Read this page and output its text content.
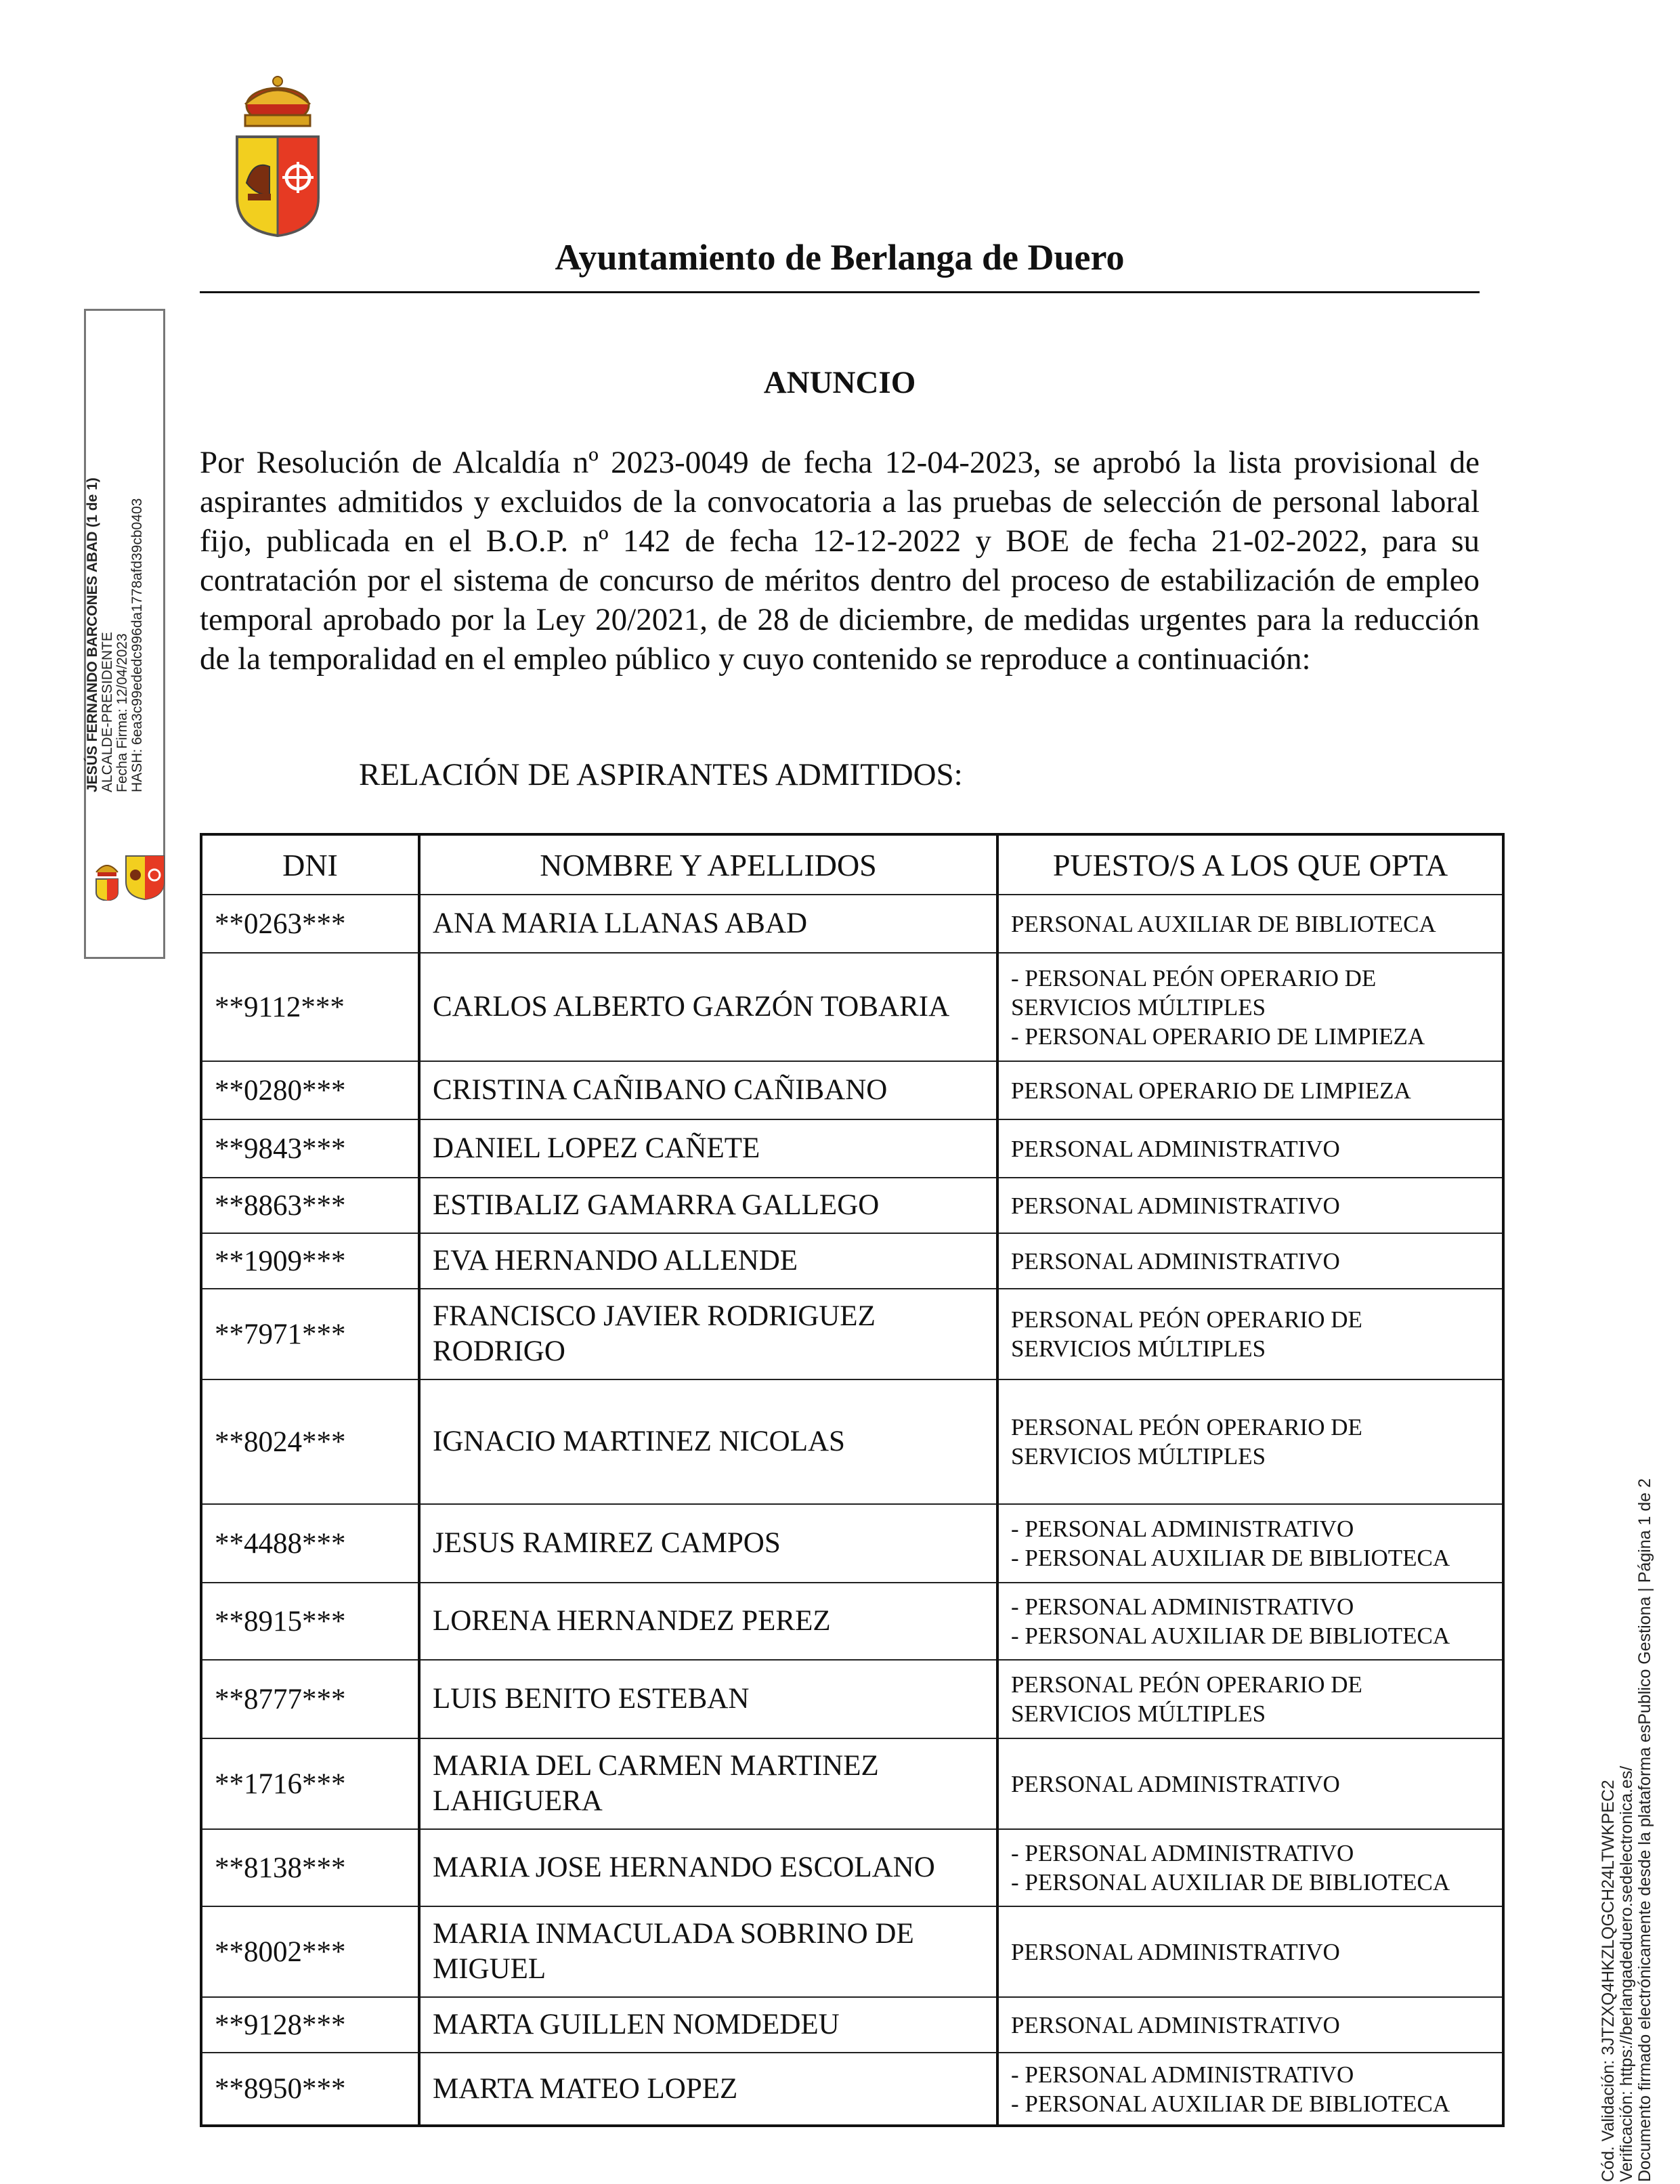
Ayuntamiento de Berlanga de Duero
JESÚS FERNANDO BARCONES ABAD (1 de 1) ALCALDE-PRESIDENTE Fecha Firma: 12/04/2023 HASH: 6ea3c99ededc996da1778afd39cb0403
ANUNCIO
Por Resolución de Alcaldía nº 2023-0049 de fecha 12-04-2023, se aprobó la lista provisional de aspirantes admitidos y excluidos de la convocatoria a las pruebas de selección de personal laboral fijo, publicada en el B.O.P. nº 142 de fecha 12-12-2022 y BOE de fecha 21-02-2022, para su contratación por el sistema de concurso de méritos dentro del proceso de estabilización de empleo temporal aprobado por la Ley 20/2021, de 28 de diciembre, de medidas urgentes para la reducción de la temporalidad en el empleo público y cuyo contenido se reproduce a continuación:
RELACIÓN DE ASPIRANTES ADMITIDOS:
DNI	NOMBRE Y APELLIDOS	PUESTO/S A LOS QUE OPTA
**0263***	ANA MARIA LLANAS ABAD	PERSONAL AUXILIAR DE BIBLIOTECA

**9112***	CARLOS ALBERTO GARZÓN TOBARIA	- PERSONAL PEÓN OPERARIO DE
SERVICIOS MÚLTIPLES
- PERSONAL OPERARIO DE LIMPIEZA

**0280***	CRISTINA CAÑIBANO CAÑIBANO	PERSONAL OPERARIO DE LIMPIEZA

**9843***	DANIEL LOPEZ CAÑETE	PERSONAL ADMINISTRATIVO

**8863***	ESTIBALIZ GAMARRA GALLEGO	PERSONAL ADMINISTRATIVO

**1909***	EVA HERNANDO ALLENDE	PERSONAL ADMINISTRATIVO

**7971***	FRANCISCO JAVIER RODRIGUEZ RODRIGO	PERSONAL PEÓN OPERARIO DE
SERVICIOS MÚLTIPLES

**8024***	IGNACIO MARTINEZ NICOLAS	PERSONAL PEÓN OPERARIO DE
SERVICIOS MÚLTIPLES

**4488***	JESUS RAMIREZ CAMPOS	- PERSONAL ADMINISTRATIVO
- PERSONAL AUXILIAR DE BIBLIOTECA

**8915***	LORENA HERNANDEZ PEREZ	- PERSONAL ADMINISTRATIVO
- PERSONAL AUXILIAR DE BIBLIOTECA

**8777***	LUIS BENITO ESTEBAN	PERSONAL PEÓN OPERARIO DE
SERVICIOS MÚLTIPLES

**1716***	MARIA DEL CARMEN MARTINEZ LAHIGUERA	PERSONAL ADMINISTRATIVO

**8138***	MARIA JOSE HERNANDO ESCOLANO	- PERSONAL ADMINISTRATIVO
- PERSONAL AUXILIAR DE BIBLIOTECA

**8002***	MARIA INMACULADA SOBRINO DE MIGUEL	PERSONAL ADMINISTRATIVO

**9128***	MARTA GUILLEN NOMDEDEU	PERSONAL ADMINISTRATIVO

**8950***	MARTA MATEO LOPEZ	- PERSONAL ADMINISTRATIVO
- PERSONAL AUXILIAR DE BIBLIOTECA	Cód. Validación: 3JTZXQ4HKZLQGCH24LTWKPEC2 Verificación: https://berlangadeduero.sedelectronica.es/ Documento firmado electrónicamente desde la plataforma esPublico Gestiona | Página 1 de 2
